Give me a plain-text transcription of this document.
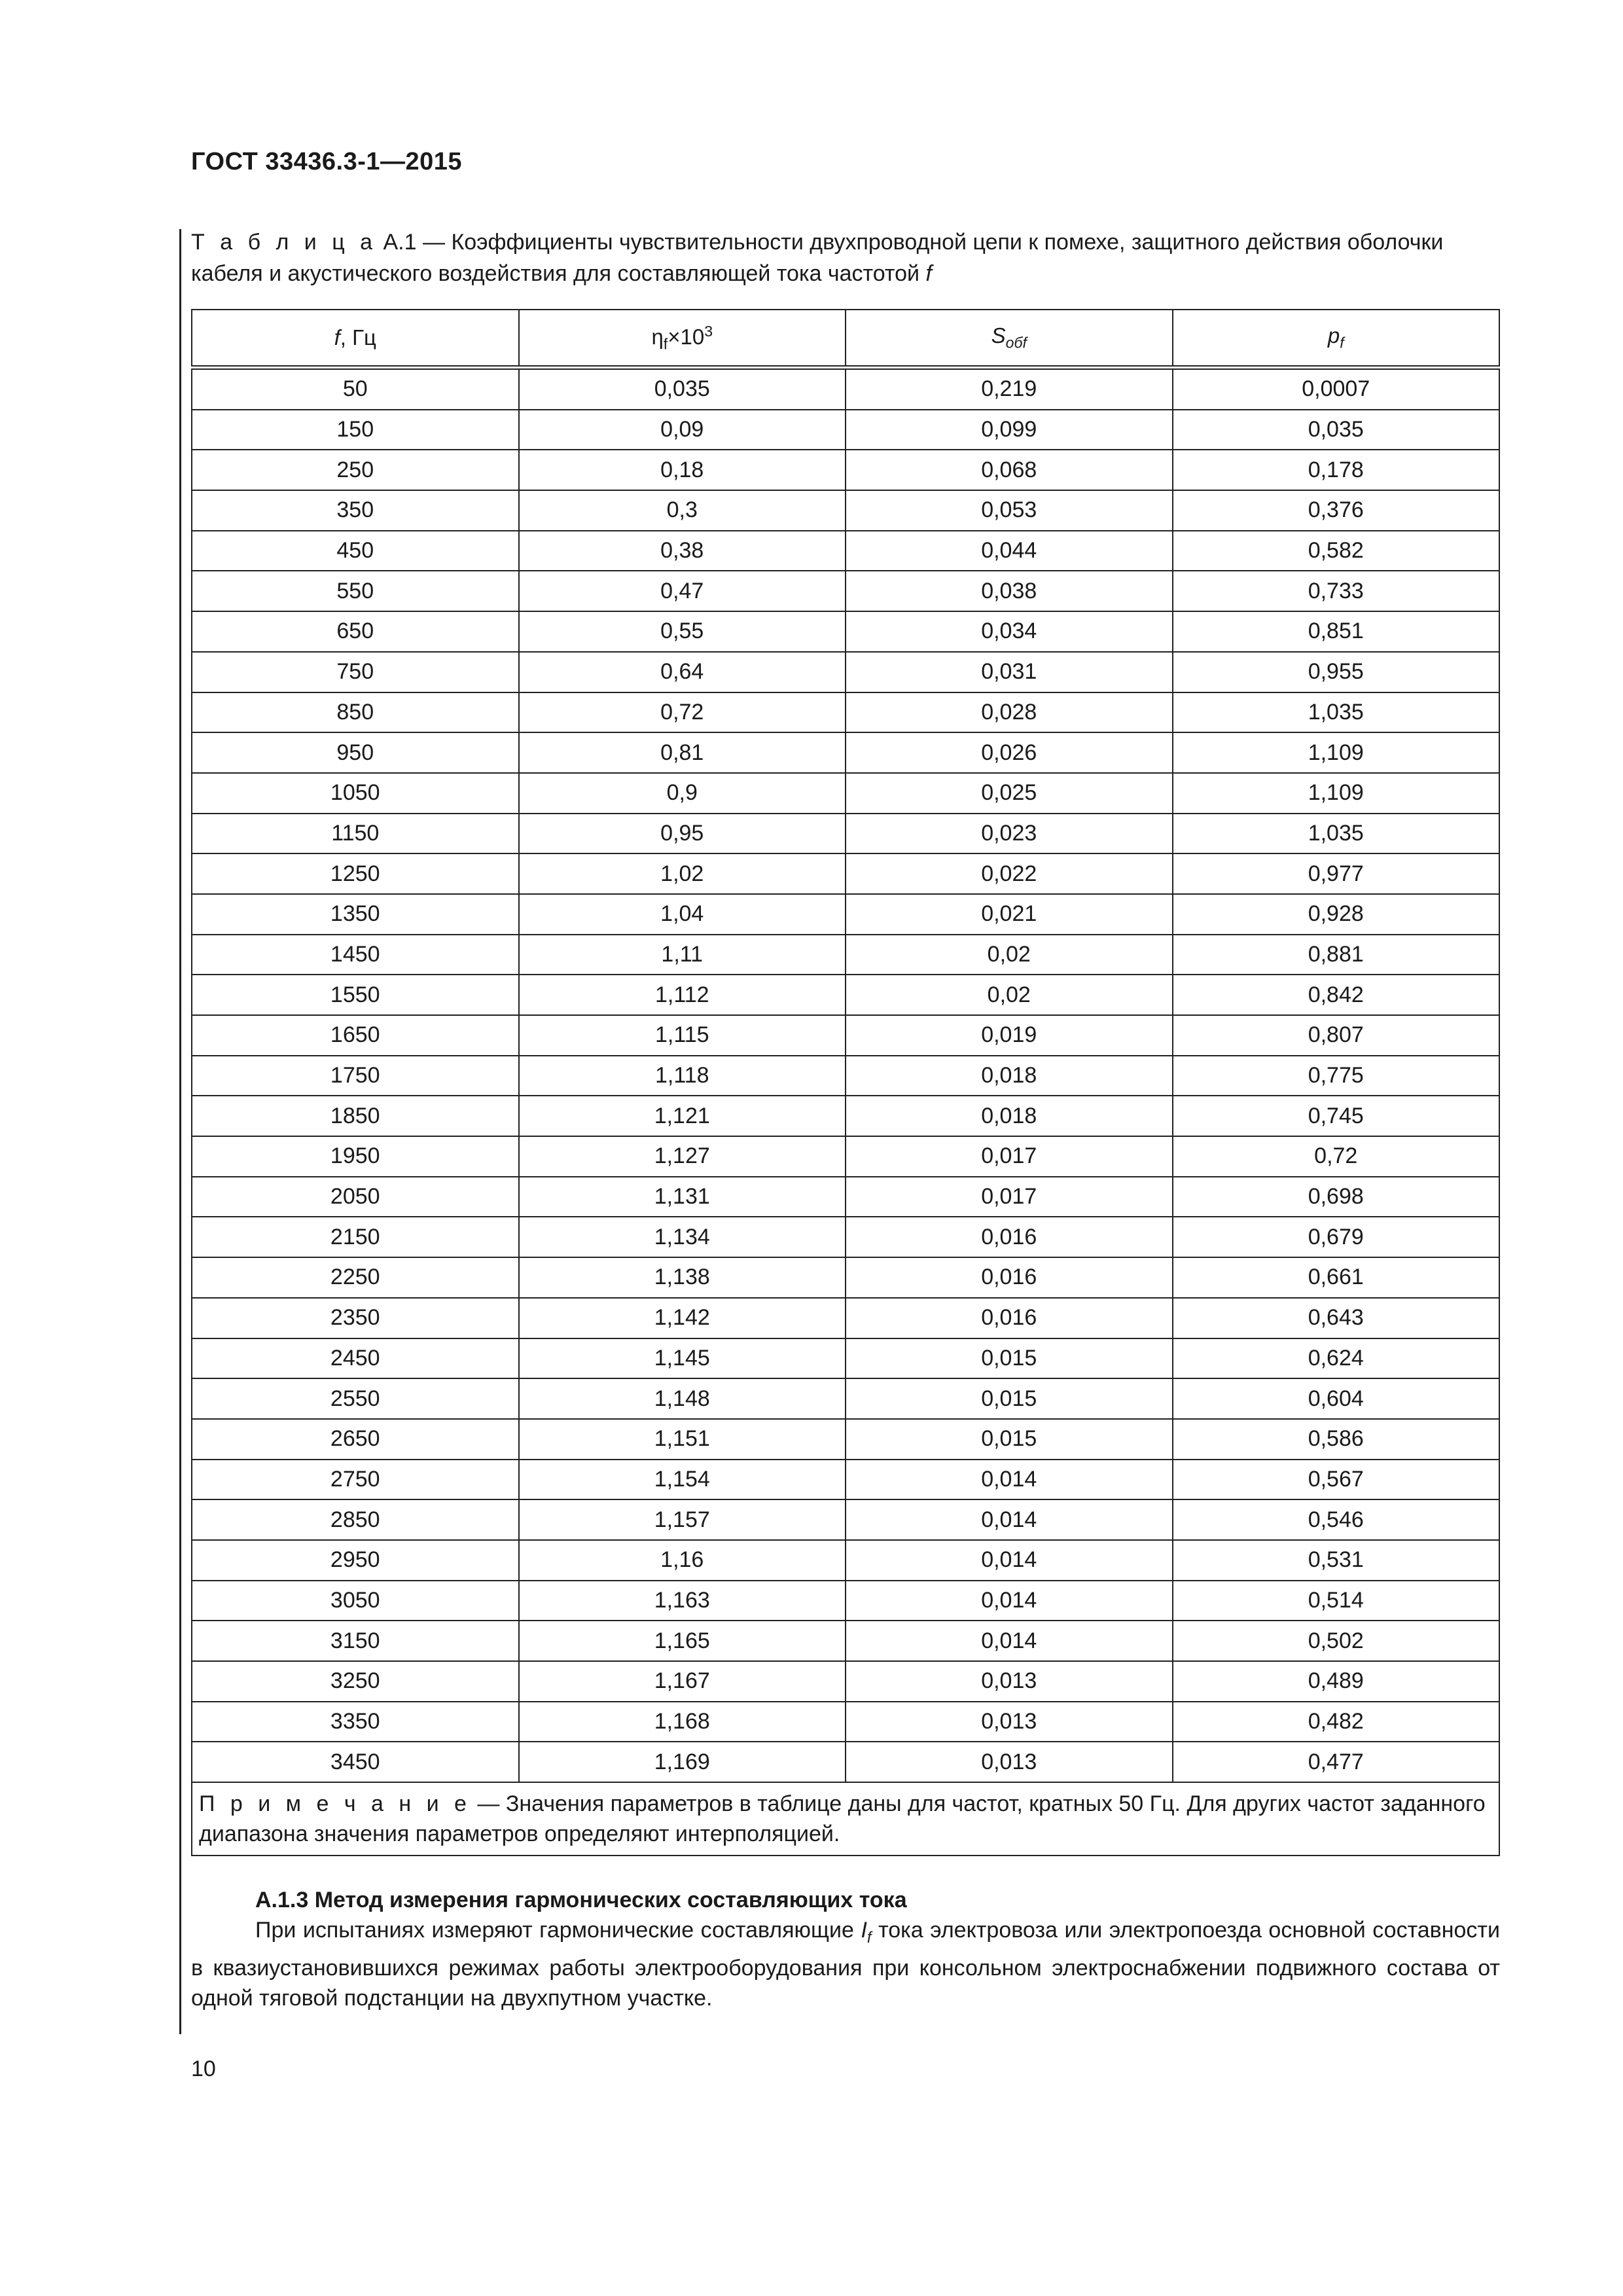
ГОСТ 33436.3-1—2015
Т а б л и ц а А.1 — Коэффициенты чувствительности двухпроводной цепи к помехе, защитного действия оболочки
кабеля и акустического воздействия для составляющей тока частотой f
f, Гц	$\eta_f\times 10^3$	$S_{обf}$	$p_f$
50	0,035	0,219	0,0007
150	0,09	0,099	0,035
250	0,18	0,068	0,178
350	0,3	0,053	0,376
450	0,38	0,044	0,582
550	0,47	0,038	0,733
650	0,55	0,034	0,851
750	0,64	0,031	0,955
850	0,72	0,028	1,035
950	0,81	0,026	1,109
1050	0,9	0,025	1,109
1150	0,95	0,023	1,035
1250	1,02	0,022	0,977
1350	1,04	0,021	0,928
1450	1,11	0,02	0,881
1550	1,112	0,02	0,842
1650	1,115	0,019	0,807
1750	1,118	0,018	0,775
1850	1,121	0,018	0,745
1950	1,127	0,017	0,72
2050	1,131	0,017	0,698
2150	1,134	0,016	0,679
2250	1,138	0,016	0,661
2350	1,142	0,016	0,643
2450	1,145	0,015	0,624
2550	1,148	0,015	0,604
2650	1,151	0,015	0,586
2750	1,154	0,014	0,567
2850	1,157	0,014	0,546
2950	1,16	0,014	0,531
3050	1,163	0,014	0,514
3150	1,165	0,014	0,502
3250	1,167	0,013	0,489
3350	1,168	0,013	0,482
3450	1,169	0,013	0,477
П р и м е ч а н и е — Значения параметров в таблице даны для частот, кратных 50 Гц. Для других частот заданного диапазона значения параметров определяют интерполяцией.			
А.1.3 Метод измерения гармонических составляющих тока

При испытаниях измеряют гармонические составляющие $I_f$ тока электровоза или электропоезда основной составности в квазиустановившихся режимах работы электрооборудования при консольном электроснабжении подвижного состава от одной тяговой подстанции на двухпутном участке.

10
